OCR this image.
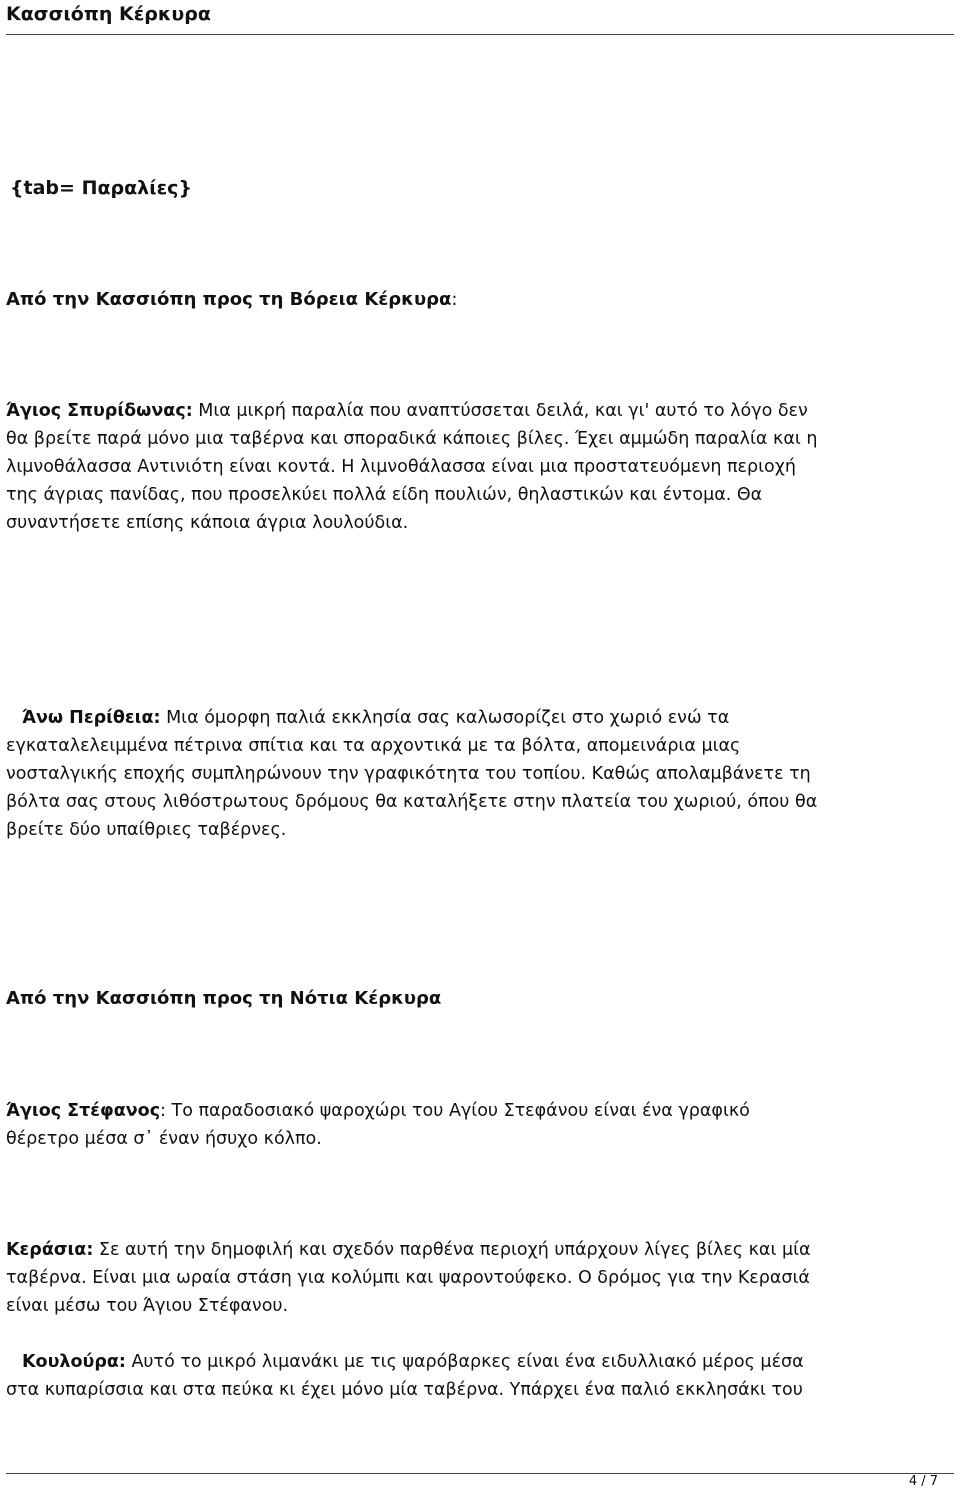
Κασσιόπη Κέρκυρα
{tab= Παραλίες}
Από την Κασσιόπη προς τη Βόρεια Κέρκυρα:
Άγιος Σπυρίδωνας: Μια μικρή παραλία που αναπτύσσεται δειλά, και γι' αυτό το λόγο δεν
θα βρείτε παρά μόνο μια ταβέρνα και σποραδικά κάποιες βίλες. Έχει αμμώδη παραλία και η
λιμνοθάλασσα Αντινιότη είναι κοντά. Η λιμνοθάλασσα είναι μια προστατευόμενη περιοχή
της άγριας πανίδας, που προσελκύει πολλά είδη πουλιών, θηλαστικών και έντομα. Θα
συναντήσετε επίσης κάποια άγρια λουλούδια.
Άνω Περίθεια: Μια όμορφη παλιά εκκλησία σας καλωσορίζει στο χωριό ενώ τα
εγκαταλελειμμένα πέτρινα σπίτια και τα αρχοντικά με τα βόλτα, απομεινάρια μιας
νοσταλγικής εποχής συμπληρώνουν την γραφικότητα του τοπίου. Καθώς απολαμβάνετε τη
βόλτα σας στους λιθόστρωτους δρόμους θα καταλήξετε στην πλατεία του χωριού, όπου θα
βρείτε δύο υπαίθριες ταβέρνες.
Από την Κασσιόπη προς τη Νότια Κέρκυρα
Άγιος Στέφανος: Το παραδοσιακό ψαροχώρι του Αγίου Στεφάνου είναι ένα γραφικό
θέρετρο μέσα σ᾽ έναν ήσυχο κόλπο.
Κεράσια: Σε αυτή την δημοφιλή και σχεδόν παρθένα περιοχή υπάρχουν λίγες βίλες και μία
ταβέρνα. Είναι μια ωραία στάση για κολύμπι και ψαροντούφεκο. Ο δρόμος για την Κερασιά
είναι μέσω του Άγιου Στέφανου.
Κουλούρα: Αυτό το μικρό λιμανάκι με τις ψαρόβαρκες είναι ένα ειδυλλιακό μέρος μέσα
στα κυπαρίσσια και στα πεύκα κι έχει μόνο μία ταβέρνα. Υπάρχει ένα παλιό εκκλησάκι του
4 / 7
